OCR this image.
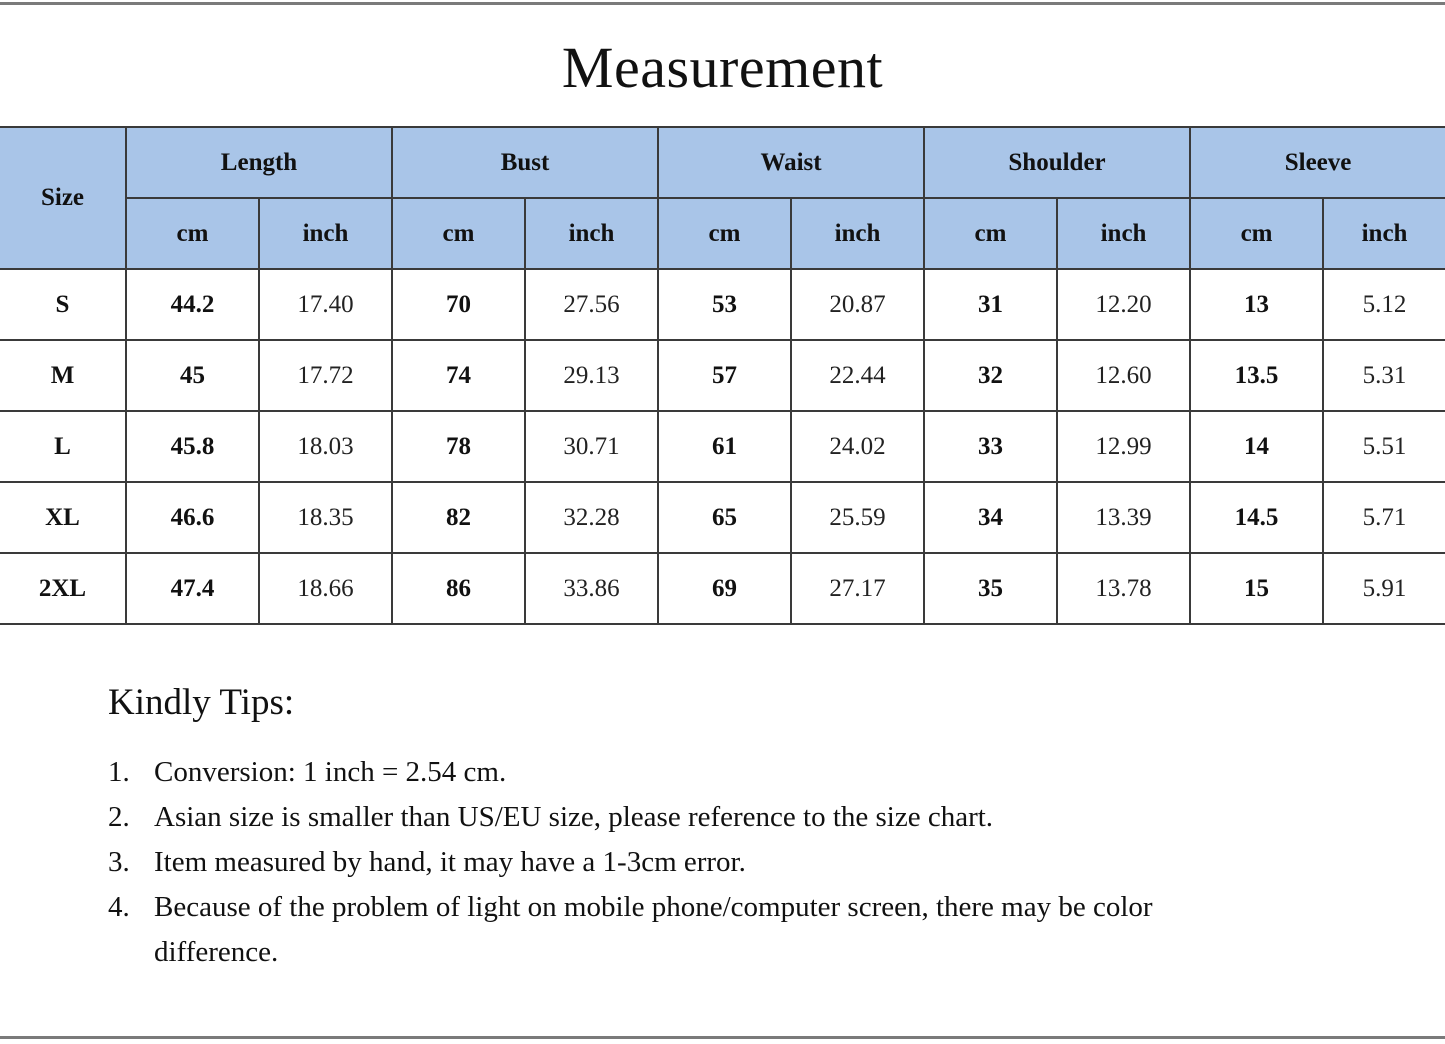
Measurement
Size	Length		Bust		Waist		Shoulder		Sleeve	
	cm	inch	cm	inch	cm	inch	cm	inch	cm	inch
S	44.2	17.40	70	27.56	53	20.87	31	12.20	13	5.12
M	45	17.72	74	29.13	57	22.44	32	12.60	13.5	5.31
L	45.8	18.03	78	30.71	61	24.02	33	12.99	14	5.51
XL	46.6	18.35	82	32.28	65	25.59	34	13.39	14.5	5.71
2XL	47.4	18.66	86	33.86	69	27.17	35	13.78	15	5.91
Kindly Tips:
1. Conversion: 1 inch = 2.54 cm.
2. Asian size is smaller than US/EU size, please reference to the size chart.
3. Item measured by hand, it may have a 1-3cm error.
4. Because of the problem of light on mobile phone/computer screen, there may be color difference.
